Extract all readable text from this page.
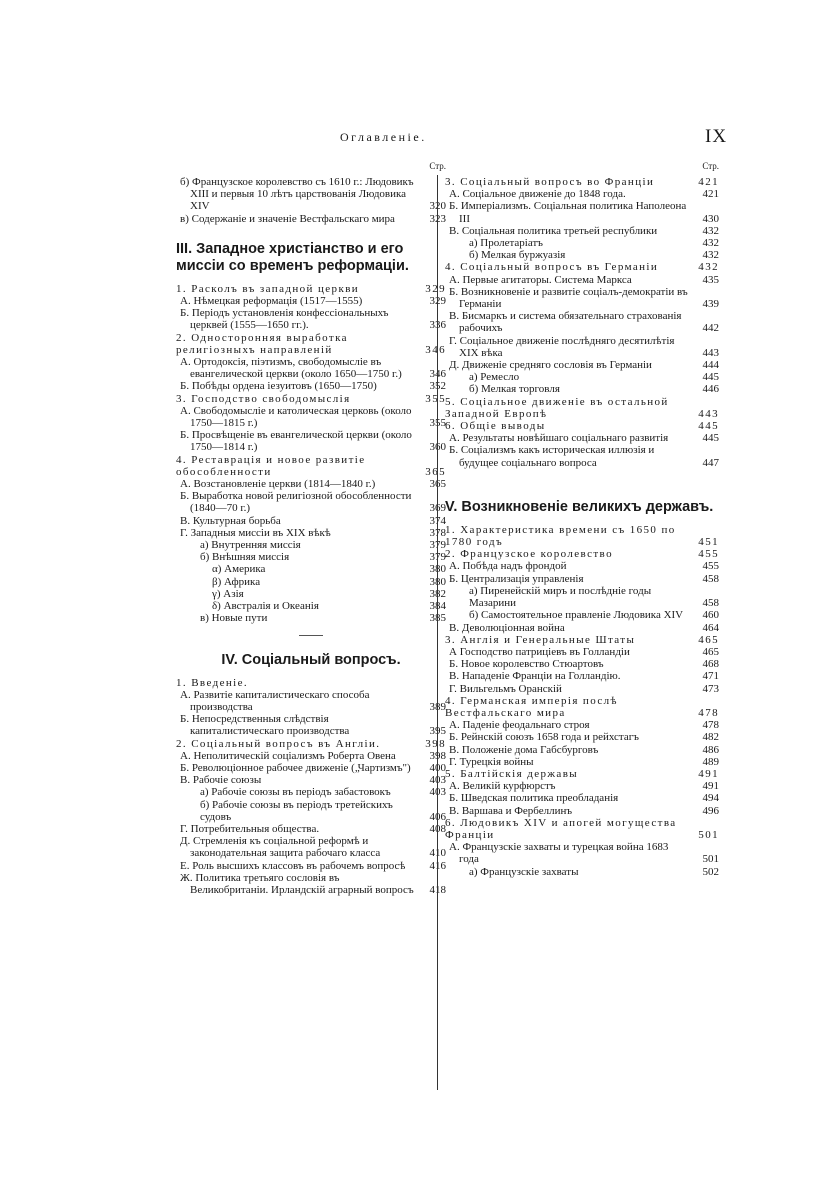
Оглавленіе.	IX
Стр.
б) Французское королевство съ 1610 г.: Людовикъ XIII и первыя 10 лѣтъ царствованія Людовика XIV	320
в) Содержаніе и значеніе Вестфальскаго мира	323
III. Западное христіанство и его миссіи со временъ реформаціи.
1. Расколъ въ западной церкви	329
А. Нѣмецкая реформація (1517—1555)	329
Б. Періодъ установленія конфессіональныхъ церквей (1555—1650 гг.).	336
2. Односторонняя выработка религіозныхъ направленій	346
А. Ортодоксія, піэтизмъ, свободомысліе въ евангелической церкви (около 1650—1750 г.)	346
Б. Побѣды ордена іезуитовъ (1650—1750)	352
3. Господство свободомыслія	355
А. Свободомысліе и католическая церковь (около 1750—1815 г.)	355
Б. Просвѣщеніе въ евангелической церкви (около 1750—1814 г.)	360
4. Реставрація и новое развитіе обособленности	365
А. Возстановленіе церкви (1814—1840 г.)	365
Б. Выработка новой религіозной обособленности (1840—70 г.)	369
В. Культурная борьба	374
Г. Западныя миссіи въ XIX вѣкѣ	378
а) Внутренняя миссія	379
б) Внѣшняя миссія	379
α) Америка	380
β) Африка	380
γ) Азія	382
δ) Австралія и Океанія	384
в) Новые пути	385
IV. Соціальный вопросъ.
1. Введеніе.
А. Развитіе капиталистическаго способа производства	389
Б. Непосредственныя слѣдствія капиталистическаго производства	395
2. Соціальный вопросъ въ Англіи.	398
А. Неполитическій соціализмъ Роберта Овена	398
Б. Революціонное рабочее движеніе („Чартизмъ")	400
В. Рабочіе союзы	403
а) Рабочіе союзы въ періодъ забастовокъ	403
б) Рабочіе союзы въ періодъ третейскихъ судовъ	406
Г. Потребительныя общества.	408
Д. Стремленія къ соціальной реформѣ и законодательная защита рабочаго класса	410
Е. Роль высшихъ классовъ въ рабочемъ вопросѣ	416
Ж. Политика третьяго сословія въ Великобританіи. Ирландскій аграрный вопросъ	418
Стр.
3. Соціальный вопросъ во Франціи	421
А. Соціальное движеніе до 1848 года.	421
Б. Имперіализмъ. Соціальная политика Наполеона III	430
В. Соціальная политика третьей республики	432
а) Пролетаріатъ	432
б) Мелкая буржуазія	432
4. Соціальный вопросъ въ Германіи	432
А. Первые агитаторы. Система Маркса	435
Б. Возникновеніе и развитіе соціалъ-демократіи въ Германіи	439
В. Бисмаркъ и система обязательнаго страхованія рабочихъ	442
Г. Соціальное движеніе послѣдняго десятилѣтія XIX вѣка	443
Д. Движеніе средняго сословія въ Германіи	444
а) Ремесло	445
б) Мелкая торговля	446
5. Соціальное движеніе въ остальной Западной Европѣ	443
6. Общіе выводы	445
А. Результаты новѣйшаго соціальнаго развитія	445
Б. Соціализмъ какъ историческая иллюзія и будущее соціальнаго вопроса	447
V. Возникновеніе великихъ державъ.
1. Характеристика времени съ 1650 по 1780 годъ	451
2. Французское королевство	455
А. Побѣда надъ фрондой	455
Б. Централизація управленія	458
а) Пиренейскій миръ и послѣдніе годы Мазарини	458
б) Самостоятельное правленіе Людовика XIV	460
В. Деволюціонная война	464
3. Англія и Генеральные Штаты	465
А Господство патриціевъ въ Голландіи	465
Б. Новое королевство Стюартовъ	468
В. Нападеніе Франціи на Голландію.	471
Г. Вильгельмъ Оранскій	473
4. Германская имперія послѣ Вестфальскаго мира	478
А. Паденіе феодальнаго строя	478
Б. Рейнскій союзъ 1658 года и рейхстагъ	482
В. Положеніе дома Габсбурговъ	486
Г. Турецкія войны	489
5. Балтійскія державы	491
А. Великій курфюрстъ	491
Б. Шведская политика преобладанія	494
В. Варшава и Фербеллинъ	496
6. Людовикъ XIV и апогей могущества Франціи	501
А. Французскіе захваты и турецкая война 1683 года	501
а) Французскіе захваты	502
